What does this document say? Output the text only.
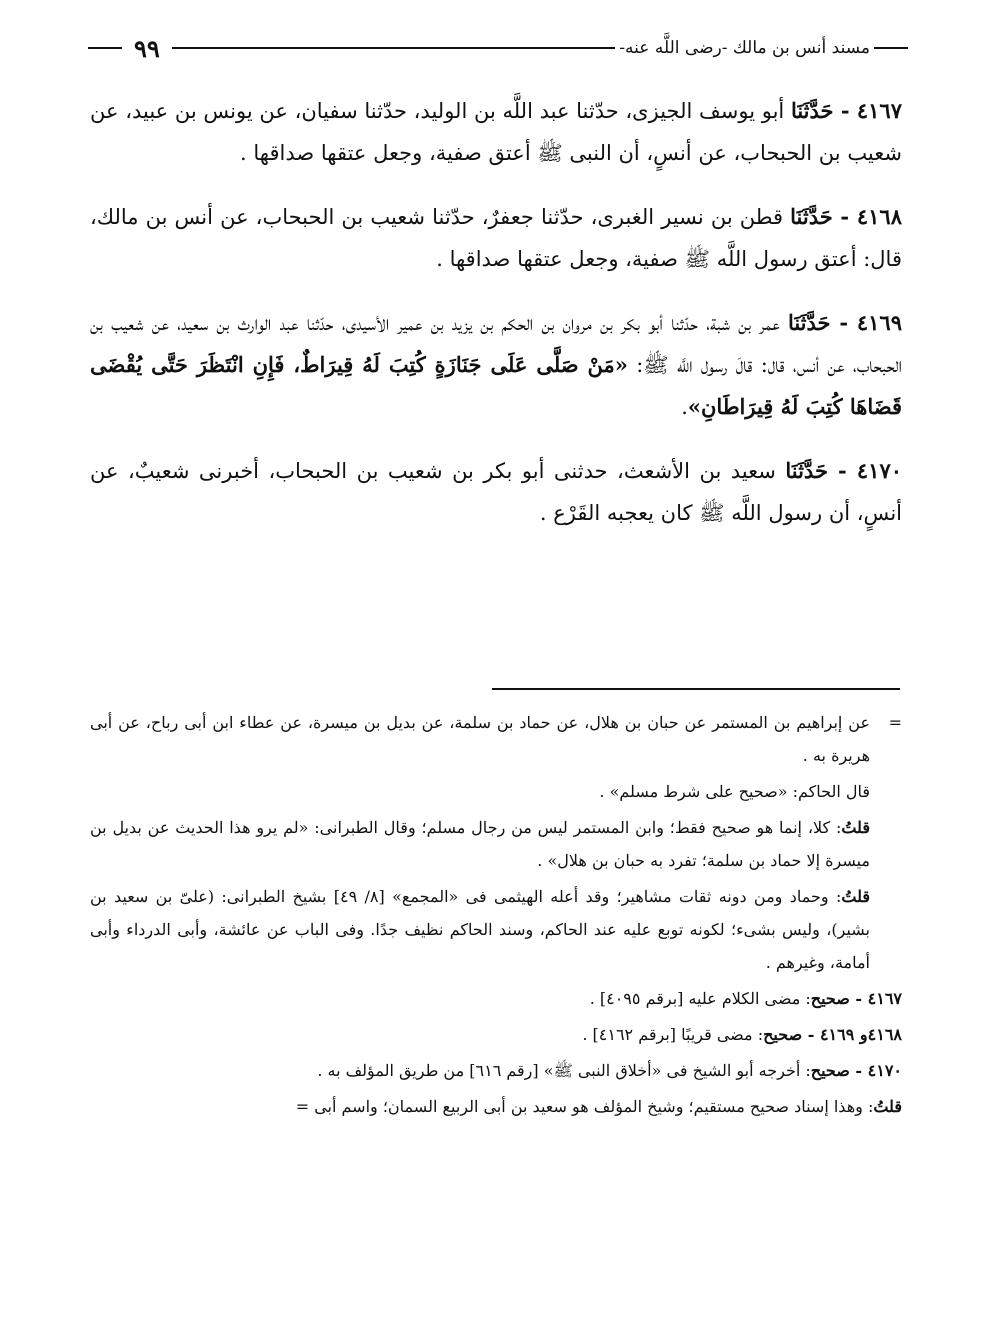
٩٩	مسند أنس بن مالك -رضى اللَّه عنه-

٤١٦٧ - حَدَّثَنَا أبو يوسف الجيزى، حدّثنا عبد اللَّه بن الوليد، حدّثنا سفيان، عن يونس بن عبيد، عن شعيب بن الحبحاب، عن أنسٍ، أن النبى ﷺ أعتق صفية، وجعل عتقها صداقها .

٤١٦٨ - حَدَّثَنَا قطن بن نسير الغبرى، حدّثنا جعفرٌ، حدّثنا شعيب بن الحبحاب، عن أنس بن مالك، قال: أعتق رسول اللَّه ﷺ صفية، وجعل عتقها صداقها .

٤١٦٩ - حَدَّثَنَا عمر بن شبة، حدّثنا أبو بكر بن مروان بن الحكم بن يزيد بن عمير الأسيدى، حدّثنا عبد الوارث بن سعيد، عن شعيب بن الحبحاب، عن أنس، قال: قالَ رسول اللَّه ﷺ: «مَنْ صَلَّى عَلَى جَنَازَةٍ كُتِبَ لَهُ قِيرَاطٌ، فَإِنِ انْتَظَرَ حَتَّى يُقْضَى قَضَاهَا كُتِبَ لَهُ قِيرَاطَانِ».

٤١٧٠ - حَدَّثَنَا سعيد بن الأشعث، حدثنى أبو بكر بن شعيب بن الحبحاب، أخبرنى شعيبٌ، عن أنسٍ، أن رسول اللَّه ﷺ كان يعجبه القَرْع .

=
عن إبراهيم بن المستمر عن حبان بن هلال، عن حماد بن سلمة، عن بديل بن ميسرة، عن عطاء ابن أبى رباح، عن أبى هريرة به .

قال الحاكم: «صحيح على شرط مسلم» .

قلتُ: كلا، إنما هو صحيح فقط؛ وابن المستمر ليس من رجال مسلم؛ وقال الطبرانى: «لم يرو هذا الحديث عن بديل بن ميسرة إلا حماد بن سلمة؛ تفرد به حبان بن هلال» .

قلتُ: وحماد ومن دونه ثقات مشاهير؛ وقد أعله الهيثمى فى «المجمع» [٨/ ٤٩] بشيخ الطبرانى: (علىّ بن سعيد بن بشير)، وليس بشىء؛ لكونه توبع عليه عند الحاكم، وسند الحاكم نظيف جدًا. وفى الباب عن عائشة، وأبى الدرداء وأبى أمامة، وغيرهم .

٤١٦٧ - صحيح: مضى الكلام عليه [برقم ٤٠٩٥] .

٤١٦٨و ٤١٦٩ - صحيح: مضى قريبًا [برقم ٤١٦٢] .

٤١٧٠ - صحيح: أخرجه أبو الشيخ فى «أخلاق النبى ﷺ» [رقم ٦١٦] من طريق المؤلف به .

قلتُ: وهذا إسناد صحيح مستقيم؛ وشيخ المؤلف هو سعيد بن أبى الربيع السمان؛ واسم أبى =
